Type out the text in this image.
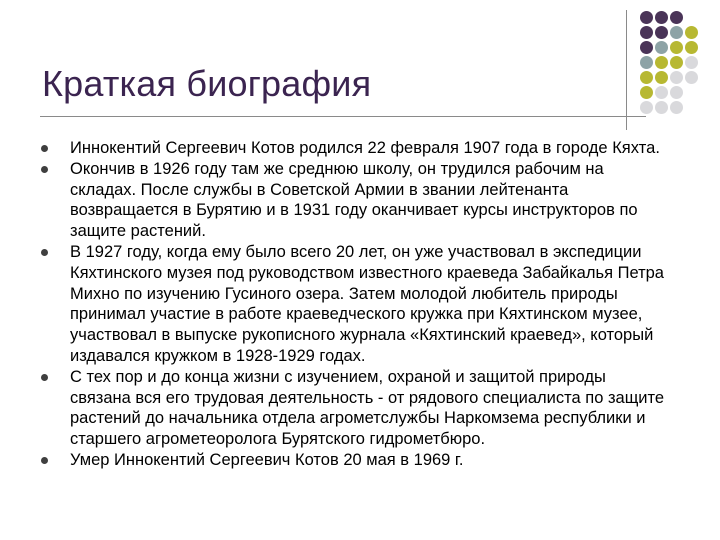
Краткая биография
Иннокентий Сергеевич Котов родился 22 февраля 1907 года в городе Кяхта.
Окончив в 1926 году там же среднюю школу, он трудился рабочим на складах. После службы в Советской Армии в звании лейтенанта возвращается в Бурятию и в 1931 году оканчивает курсы инструкторов по защите растений.
В 1927 году, когда ему было всего 20 лет, он уже участвовал в экспедиции Кяхтинского музея под руководством известного краеведа Забайкалья Петра Михно по изучению Гусиного озера. Затем молодой любитель природы принимал участие в работе краеведческого кружка при Кяхтинском музее, участвовал в выпуске рукописного журнала «Кяхтинский краевед», который издавался кружком в 1928-1929 годах.
С тех пор и до конца жизни с изучением, охраной и защитой природы связана вся его трудовая деятельность - от рядового специалиста по защите растений до начальника отдела агрометслужбы Наркомзема республики и старшего агрометеоролога Бурятского гидрометбюро.
Умер Иннокентий Сергеевич Котов 20 мая в 1969 г.
